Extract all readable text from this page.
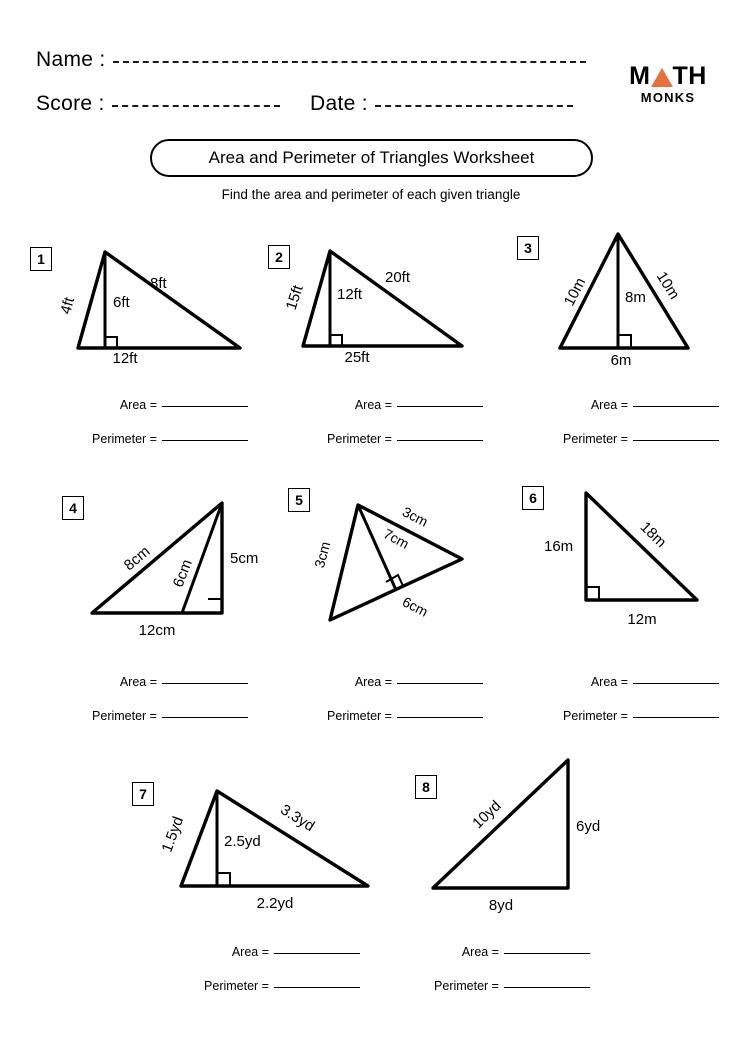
Name :
Score :	Date :
M TH
MONKS
Area and Perimeter of Triangles Worksheet
Find the area and perimeter of each given triangle
1
4ft
8ft
6ft
12ft
2
15ft
20ft
12ft
25ft
3
10m	10m
8m
6m
Area =
Perimeter =
Area =
Perimeter =
Area =
Perimeter =
4
8cm 6cm 5cm
12cm
5
3cm
3cm
7cm
6cm
6
16m	18m
12m
Area =
Perimeter =
Area =
Perimeter =
Area =
Perimeter =
7
1.5yd	3.3yd
2.5yd
2.2yd
8
10yd	6yd
8yd
Area =
Perimeter =
Area =
Perimeter =
